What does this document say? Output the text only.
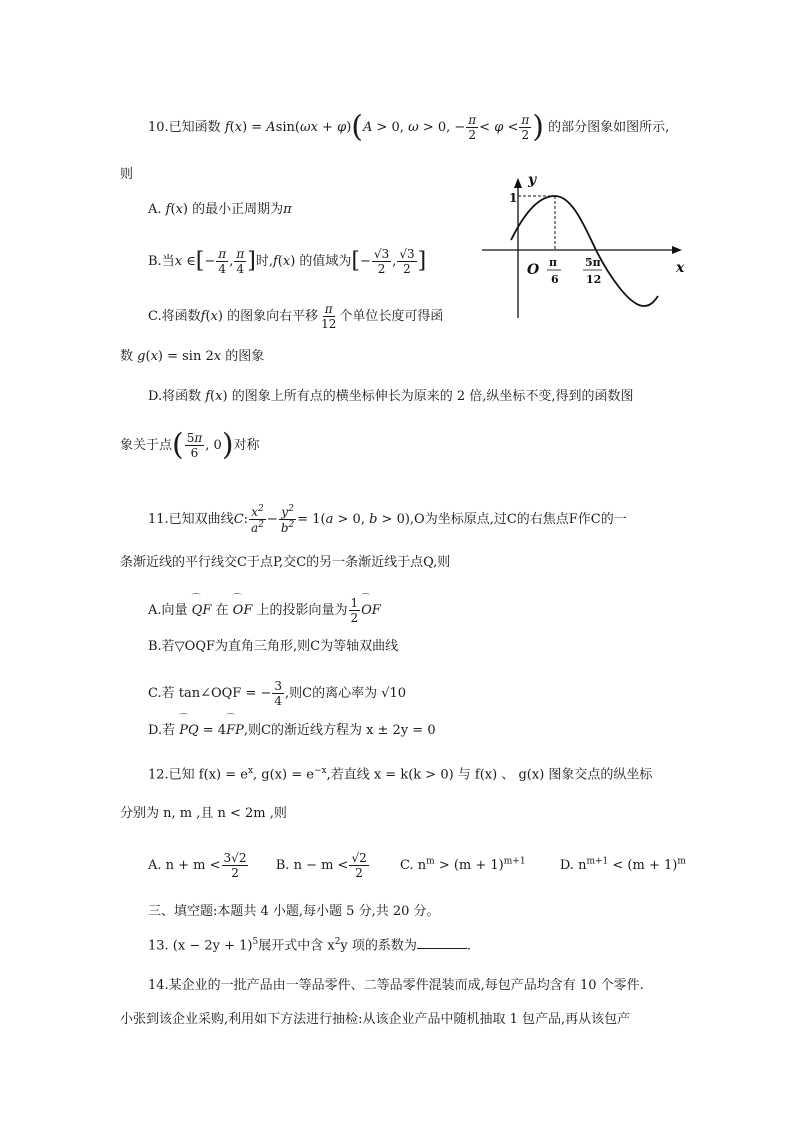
10.已知函数 f(x) = Asin(ωx + φ)(A > 0, ω > 0, − $\frac{\pi}{2} < \varphi < \frac{\pi}{2}$ ) 的部分图象如图所示,
则
A. f(x) 的最小正周期为π
B.当x ∈[− $\frac{\pi}{4}$ , $\frac{\pi}{4}$ ]时,f(x) 的值域为[− $\frac{√3}{2}$ , $\frac{√3}{2}$ ]
C.将函数f(x) 的图象向右平移 $\frac{\pi}{12}$ 个单位长度可得函
数 g(x) = sin 2x 的图象
D.将函数 f(x) 的图象上所有点的横坐标伸长为原来的 2 倍,纵坐标不变,得到的函数图
象关于点( $\frac{5\pi}{6}$ , 0)对称
y
x
O
1
π
6
5π
12
11.已知双曲线C: $\frac{x^2}{a^2} - \frac{y^2}{b^2} = 1(a > 0$, b > 0),O为坐标原点,过C的右焦点F作C的一
条渐近线的平行线交C于点P,交C的另一条渐近线于点Q,则
A.向量 ⌒ QF 在 ⌒ OF 上的投影向量为 $\frac{1}{2}$ ⌒ OF
B.若▽OQF为直角三角形,则C为等轴双曲线
C.若 tan∠OQF = − $\frac{3}{4}$ ,则C的离心率为 √10
D.若 ⌒ PQ = 4⌒ FP,则C的渐近线方程为 x ± 2y = 0
12.已知 $f(x) = e^x$, $g(x) = e^{-x}$,若直线 x = k(k > 0) 与 f(x) 、 g(x) 图象交点的纵坐标
分别为 n, m ,且 n < 2m ,则
A. $n + m < \frac{3√2}{2} B$. $n - m < \frac{√2}{2} C$. $n^m > (m + 1)^{m+1}$	D. $n^{m+1} < (m + 1)^m$
三、填空题:本题共 4 小题,每小题 5 分,共 20 分。
13. $(x - 2y + 1)^5$展开式中含 $x^2y$ 项的系数为	.
14.某企业的一批产品由一等品零件、二等品零件混装而成,每包产品均含有 10 个零件.
小张到该企业采购,利用如下方法进行抽检:从该企业产品中随机抽取 1 包产品,再从该包产
